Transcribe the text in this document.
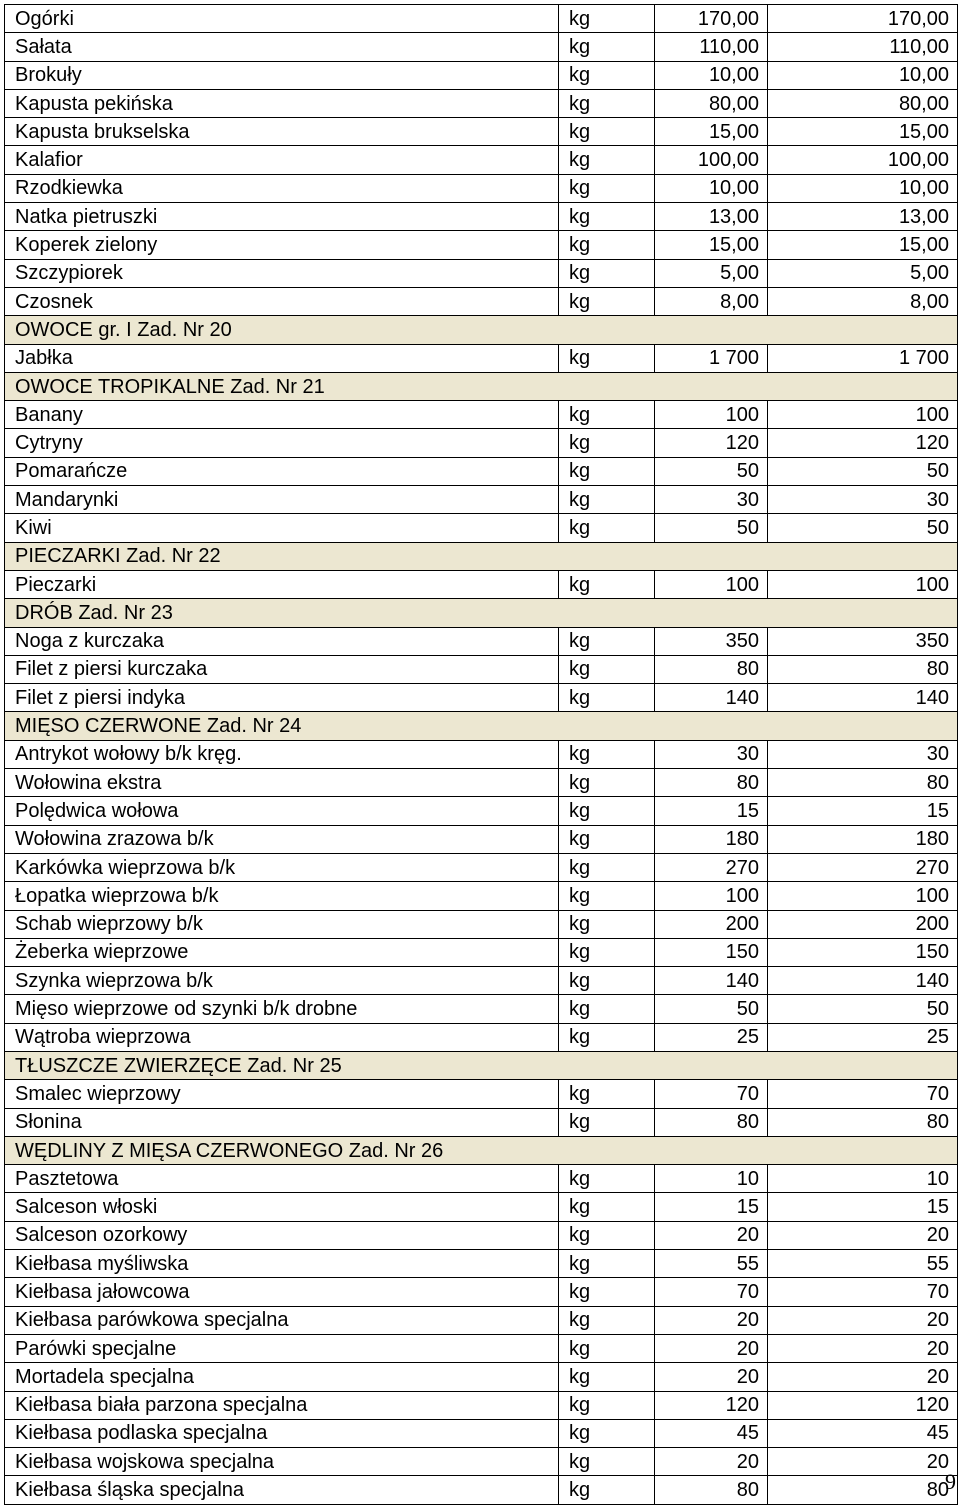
Ogórki	kg	170,00	170,00
Sałata	kg	110,00	110,00
Brokuły	kg	10,00	10,00
Kapusta pekińska	kg	80,00	80,00
Kapusta brukselska	kg	15,00	15,00
Kalafior	kg	100,00	100,00
Rzodkiewka	kg	10,00	10,00
Natka pietruszki	kg	13,00	13,00
Koperek zielony	kg	15,00	15,00
Szczypiorek	kg	5,00	5,00
Czosnek	kg	8,00	8,00
OWOCE gr. I Zad. Nr 20			
Jabłka	kg	1 700	1 700
OWOCE TROPIKALNE Zad. Nr 21			
Banany	kg	100	100
Cytryny	kg	120	120
Pomarańcze	kg	50	50
Mandarynki	kg	30	30
Kiwi	kg	50	50
PIECZARKI Zad. Nr 22			
Pieczarki	kg	100	100
DRÓB Zad. Nr 23			
Noga z kurczaka	kg	350	350
Filet z piersi kurczaka	kg	80	80
Filet z piersi indyka	kg	140	140
MIĘSO CZERWONE Zad. Nr 24			
Antrykot wołowy b/k kręg.	kg	30	30
Wołowina ekstra	kg	80	80
Polędwica wołowa	kg	15	15
Wołowina zrazowa b/k	kg	180	180
Karkówka wieprzowa b/k	kg	270	270
Łopatka wieprzowa b/k	kg	100	100
Schab wieprzowy b/k	kg	200	200
Żeberka wieprzowe	kg	150	150
Szynka wieprzowa b/k	kg	140	140
Mięso wieprzowe od szynki b/k drobne	kg	50	50
Wątroba wieprzowa	kg	25	25
TŁUSZCZE ZWIERZĘCE Zad. Nr 25			
Smalec wieprzowy	kg	70	70
Słonina	kg	80	80
WĘDLINY Z MIĘSA CZERWONEGO Zad. Nr 26			
Pasztetowa	kg	10	10
Salceson włoski	kg	15	15
Salceson ozorkowy	kg	20	20
Kiełbasa myśliwska	kg	55	55
Kiełbasa jałowcowa	kg	70	70
Kiełbasa parówkowa specjalna	kg	20	20
Parówki specjalne	kg	20	20
Mortadela specjalna	kg	20	20
Kiełbasa biała parzona specjalna	kg	120	120
Kiełbasa podlaska specjalna	kg	45	45
Kiełbasa wojskowa specjalna	kg	20	20
Kiełbasa śląska specjalna	kg	80	80
9
